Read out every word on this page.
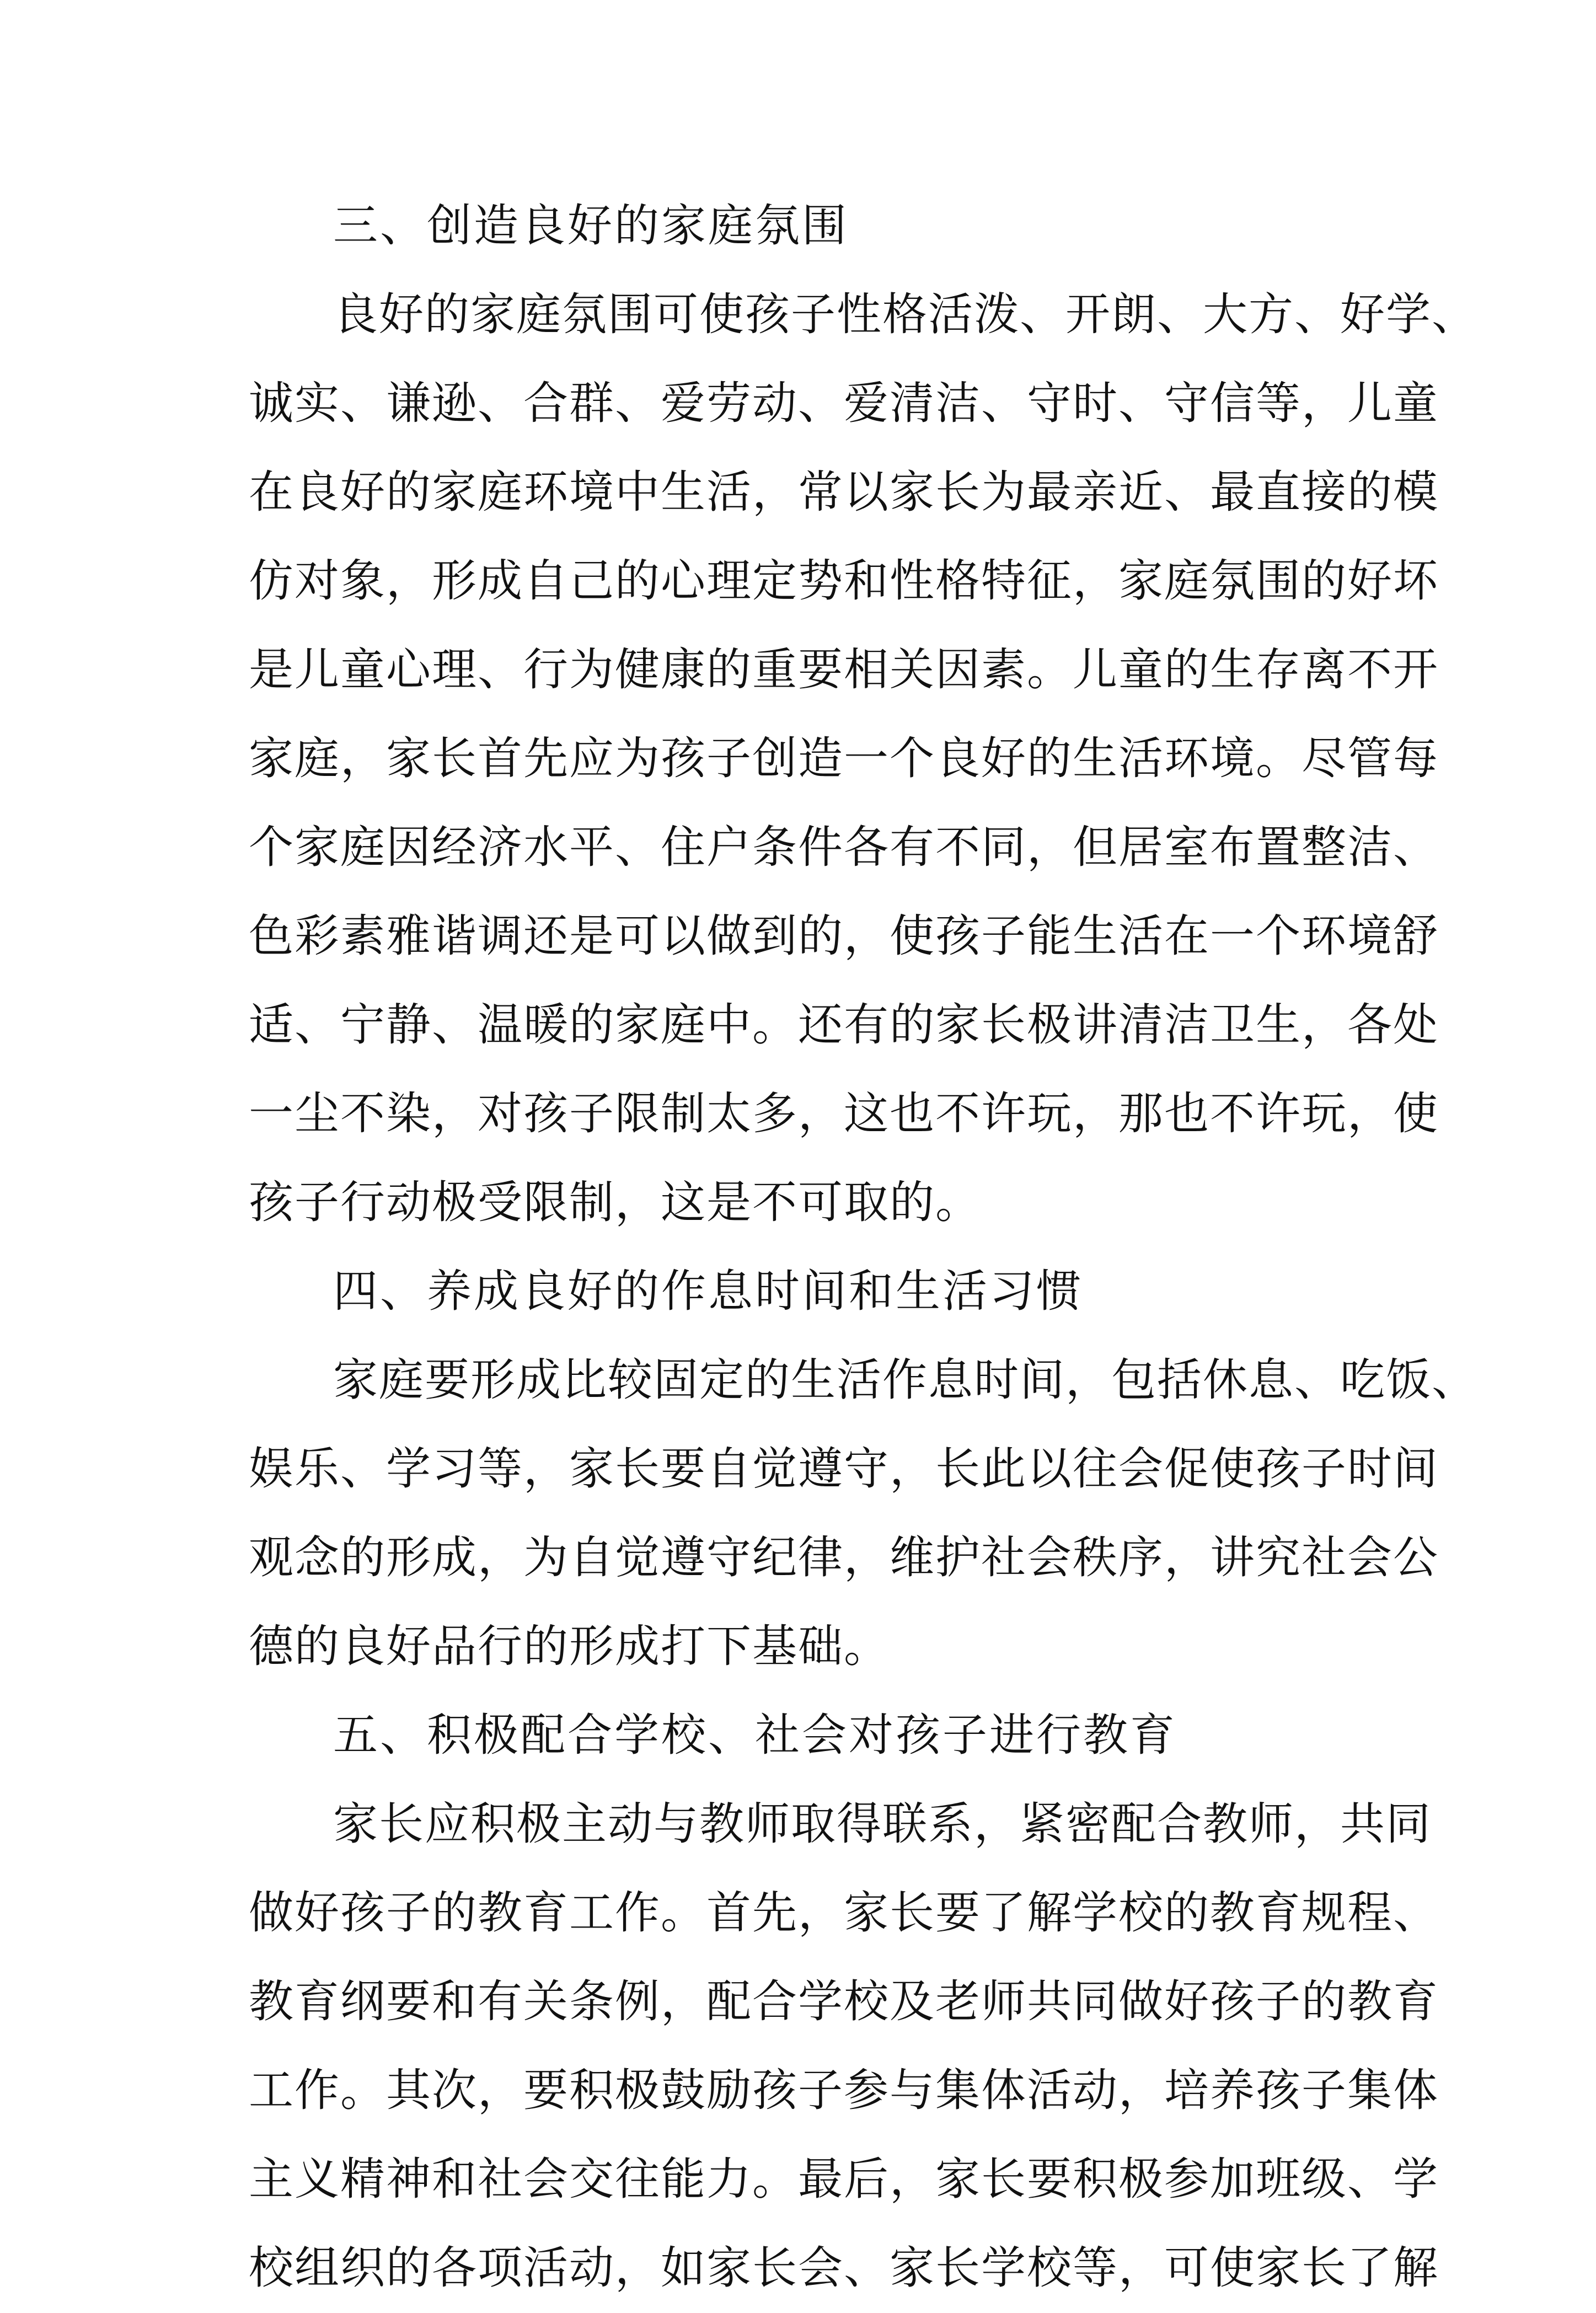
三、创造良好的家庭氛围
良好的家庭氛围可使孩子性格活泼、开朗、大方、好学、
诚实、谦逊、合群、爱劳动、爱清洁、守时、守信等，儿童
在良好的家庭环境中生活，常以家长为最亲近、最直接的模
仿对象，形成自己的心理定势和性格特征，家庭氛围的好坏
是儿童心理、行为健康的重要相关因素。儿童的生存离不开
家庭，家长首先应为孩子创造一个良好的生活环境。尽管每
个家庭因经济水平、住户条件各有不同，但居室布置整洁、
色彩素雅谐调还是可以做到的，使孩子能生活在一个环境舒
适、宁静、温暖的家庭中。还有的家长极讲清洁卫生，各处
一尘不染，对孩子限制太多，这也不许玩，那也不许玩，使
孩子行动极受限制，这是不可取的。
四、养成良好的作息时间和生活习惯
家庭要形成比较固定的生活作息时间，包括休息、吃饭、
娱乐、学习等，家长要自觉遵守，长此以往会促使孩子时间
观念的形成，为自觉遵守纪律，维护社会秩序，讲究社会公
德的良好品行的形成打下基础。
五、积极配合学校、社会对孩子进行教育
家长应积极主动与教师取得联系，紧密配合教师，共同
做好孩子的教育工作。首先，家长要了解学校的教育规程、
教育纲要和有关条例，配合学校及老师共同做好孩子的教育
工作。其次，要积极鼓励孩子参与集体活动，培养孩子集体
主义精神和社会交往能力。最后，家长要积极参加班级、学
校组织的各项活动，如家长会、家长学校等，可使家长了解
